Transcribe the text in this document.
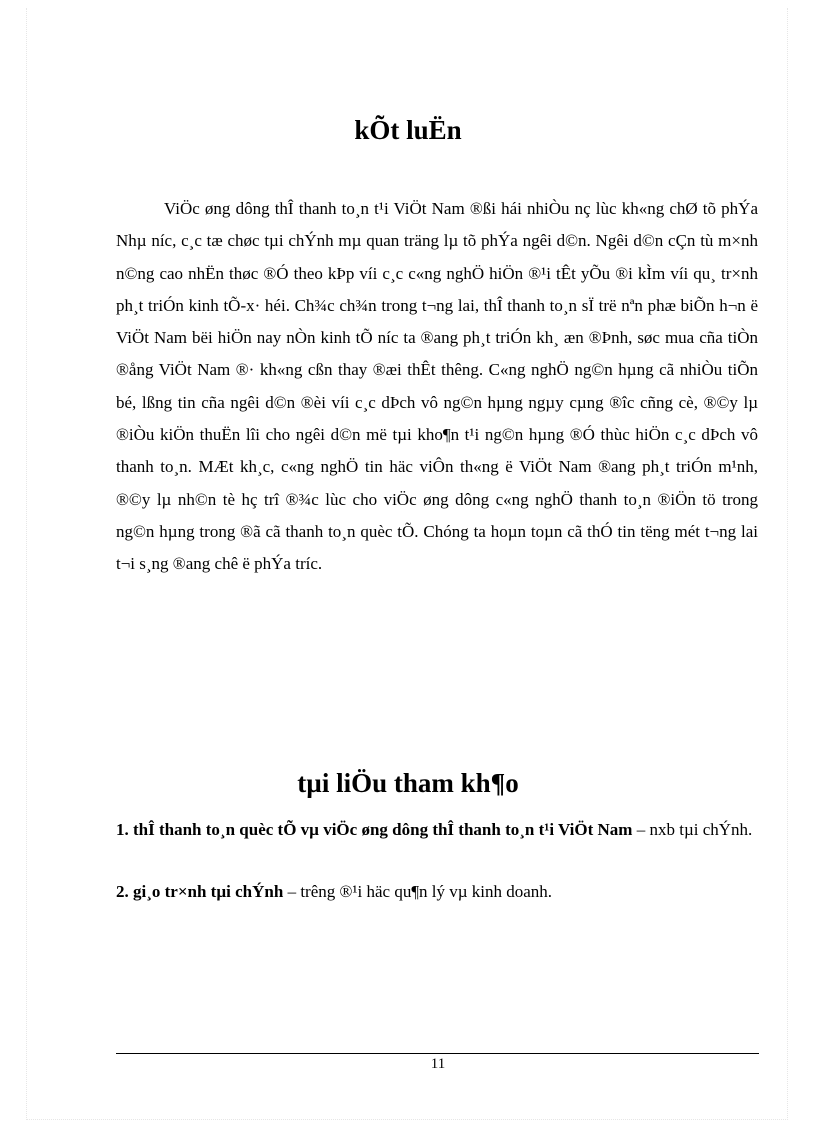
kÕt luËn
ViÖc øng dông thÎ thanh to¸n t¹i ViÖt Nam ®ßi hái nhiÒu nç lùc kh«ng chØ tõ phÝa Nhµ níc, c¸c tæ chøc tµi chÝnh mµ quan träng lµ tõ phÝa ngêi d©n. Ngêi d©n cÇn tù m×nh n©ng cao nhËn thøc ®Ó theo kÞp víi c¸c c«ng nghÖ hiÖn ®¹i tÊt yÕu ®i kÌm víi qu¸ tr×nh ph¸t triÓn kinh tÕ-x· héi. Ch¾c ch¾n trong t¬ng lai, thÎ thanh to¸n sÏ trë nªn phæ biÕn h¬n ë ViÖt Nam bëi hiÖn nay nÒn kinh tÕ níc ta ®ang ph¸t triÓn kh¸ æn ®Þnh, søc mua cña tiÒn ®ång ViÖt Nam ®· kh«ng cßn thay ®æi thÊt thêng. C«ng nghÖ ng©n hµng cã nhiÒu tiÕn bé, lßng tin cña ngêi d©n ®èi víi c¸c dÞch vô ng©n hµng ngµy cµng ®îc cñng cè, ®©y lµ ®iÒu kiÖn thuËn lîi cho ngêi d©n më tµi kho¶n t¹i ng©n hµng ®Ó thùc hiÖn c¸c dÞch vô thanh to¸n. MÆt kh¸c, c«ng nghÖ tin häc viÔn th«ng ë ViÖt Nam ®ang ph¸t triÓn m¹nh, ®©y lµ nh©n tè hç trî ®¾c lùc cho viÖc øng dông c«ng nghÖ thanh to¸n ®iÖn tö trong ng©n hµng trong ®ã cã thanh to¸n quèc tÕ. Chóng ta hoµn toµn cã thÓ tin tëng mét t¬ng lai t¬i s¸ng ®ang chê ë phÝa tríc.
tµi liÖu tham kh¶o
1. thÎ thanh to¸n quèc tÕ vµ viÖc øng dông thÎ thanh to¸n t¹i ViÖt Nam – nxb tµi chÝnh.
2. gi¸o tr×nh tµi chÝnh – trêng ®¹i häc qu¶n lý vµ kinh doanh.
11
